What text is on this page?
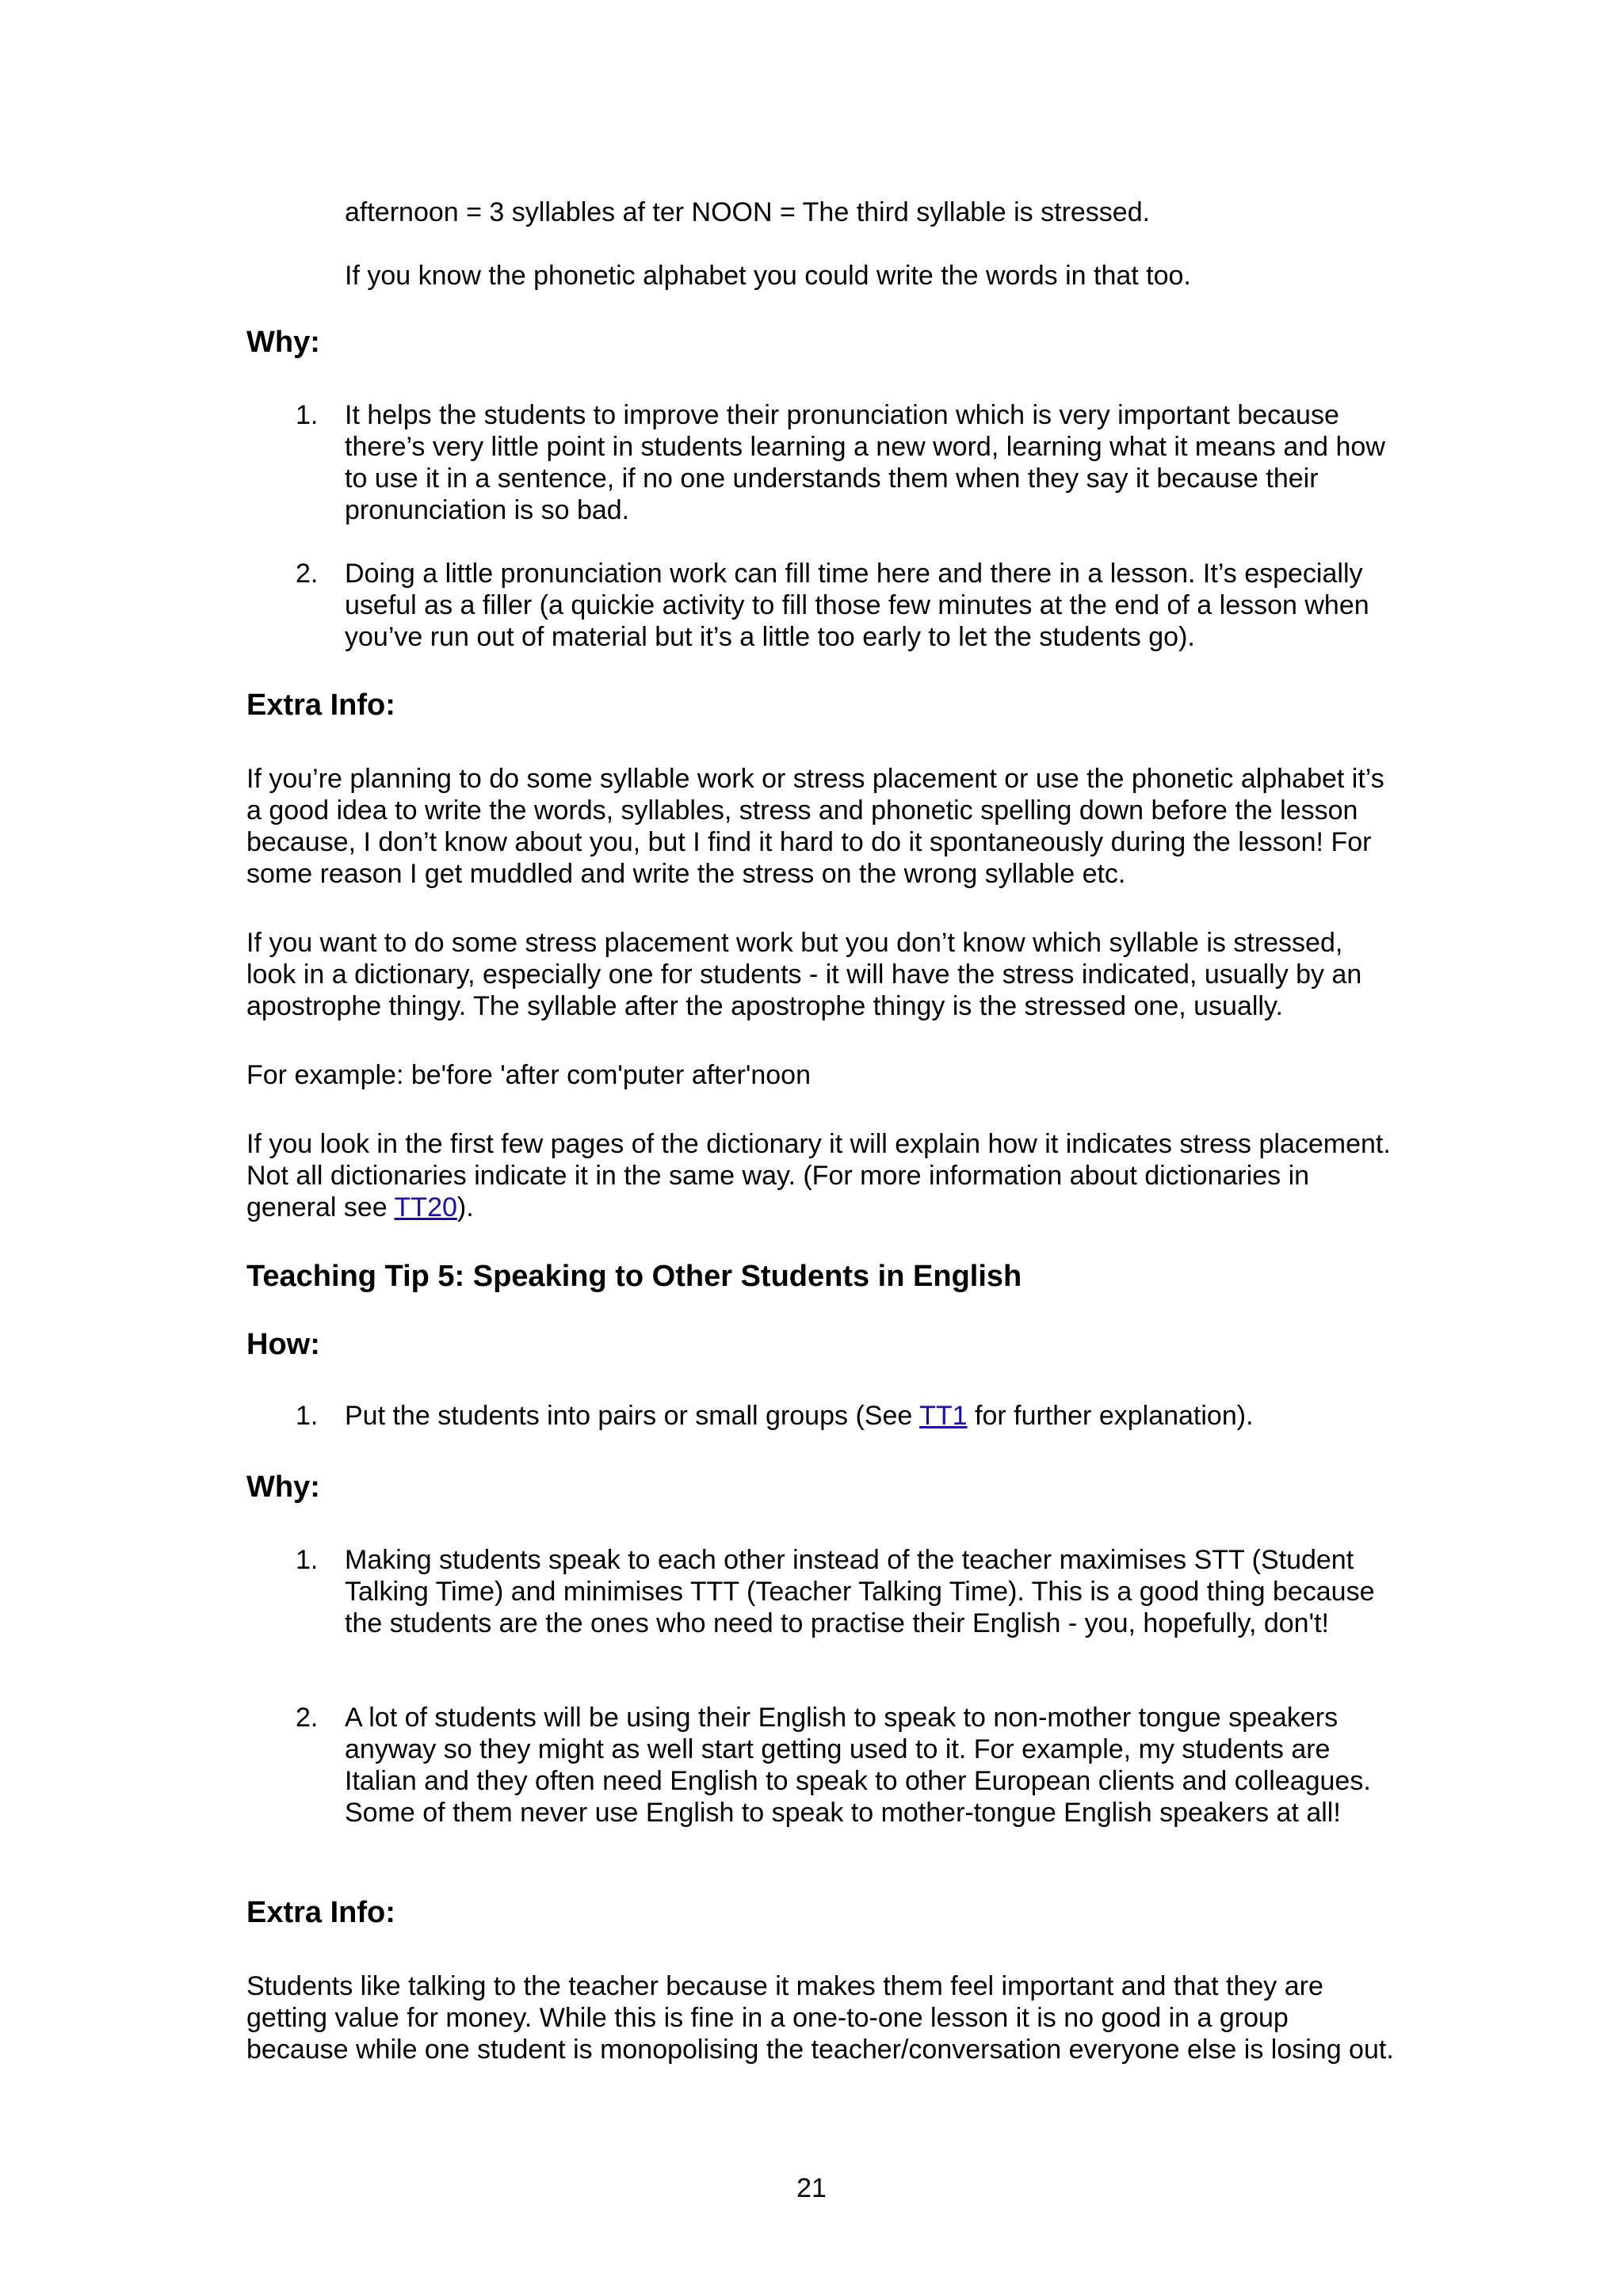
afternoon = 3 syllables af ter NOON = The third syllable is stressed.

If you know the phonetic alphabet you could write the words in that too.

Why:
1. It helps the students to improve their pronunciation which is very important because there’s very little point in students learning a new word, learning what it means and how to use it in a sentence, if no one understands them when they say it because their pronunciation is so bad.
2. Doing a little pronunciation work can fill time here and there in a lesson. It’s especially useful as a filler (a quickie activity to fill those few minutes at the end of a lesson when you’ve run out of material but it’s a little too early to let the students go).
Extra Info:

If you’re planning to do some syllable work or stress placement or use the phonetic alphabet it’s a good idea to write the words, syllables, stress and phonetic spelling down before the lesson because, I don’t know about you, but I find it hard to do it spontaneously during the lesson! For some reason I get muddled and write the stress on the wrong syllable etc.

If you want to do some stress placement work but you don’t know which syllable is stressed, look in a dictionary, especially one for students - it will have the stress indicated, usually by an apostrophe thingy. The syllable after the apostrophe thingy is the stressed one, usually.

For example: be'fore 'after com'puter after'noon

If you look in the first few pages of the dictionary it will explain how it indicates stress placement. Not all dictionaries indicate it in the same way. (For more information about dictionaries in general see TT20).

Teaching Tip 5: Speaking to Other Students in English
How:
1. Put the students into pairs or small groups (See TT1 for further explanation).
Why:
1. Making students speak to each other instead of the teacher maximises STT (Student Talking Time) and minimises TTT (Teacher Talking Time). This is a good thing because the students are the ones who need to practise their English - you, hopefully, don't!
2. A lot of students will be using their English to speak to non-mother tongue speakers anyway so they might as well start getting used to it. For example, my students are Italian and they often need English to speak to other European clients and colleagues. Some of them never use English to speak to mother-tongue English speakers at all!
Extra Info:

Students like talking to the teacher because it makes them feel important and that they are getting value for money. While this is fine in a one-to-one lesson it is no good in a group because while one student is monopolising the teacher/conversation everyone else is losing out.

21
